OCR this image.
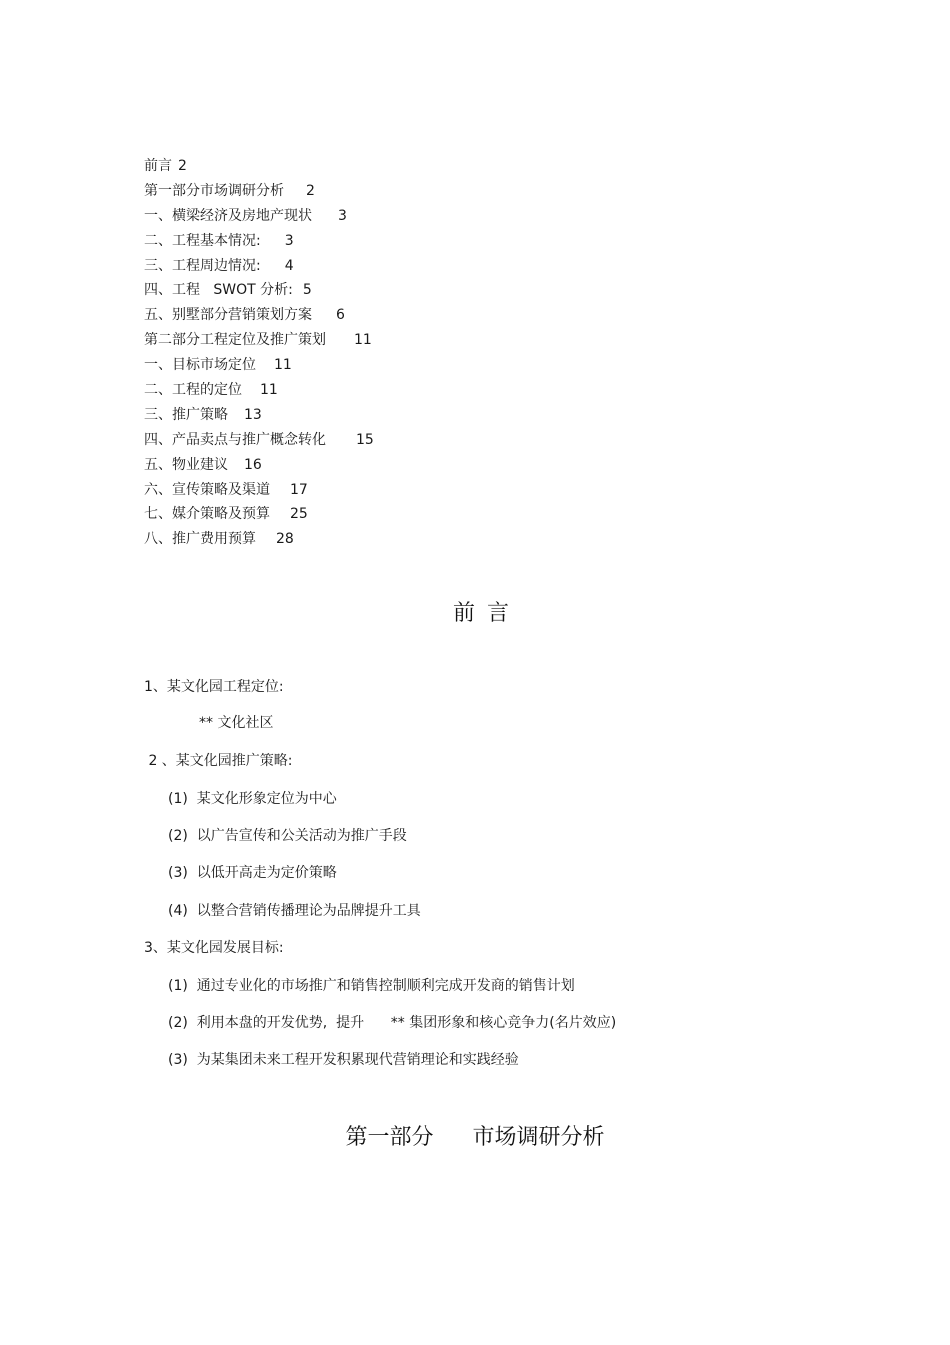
前言 2
第一部分市场调研分析 2
一、横梁经济及房地产现状 3
二、工程基本情况: 3
三、工程周边情况: 4
四、工程   SWOT 分析: 5
五、别墅部分营销策划方案 6
第二部分工程定位及推广策划 11
一、目标市场定位 11
二、工程的定位 11
三、推广策略 13
四、产品卖点与推广概念转化 15
五、物业建议 16
六、宣传策略及渠道 17
七、媒介策略及预算 25
八、推广费用预算 28
前言
1、某文化园工程定位:
** 文化社区
2 、某文化园推广策略:
(1)  某文化形象定位为中心
(2)  以广告宣传和公关活动为推广手段
(3)  以低开高走为定价策略
(4)  以整合营销传播理论为品牌提升工具
3、某文化园发展目标:
(1)  通过专业化的市场推广和销售控制顺利完成开发商的销售计划
(2)  利用本盘的开发优势,  提升      ** 集团形象和核心竞争力(名片效应)
(3)  为某集团未来工程开发积累现代营销理论和实践经验
第一部分 市场调研分析
